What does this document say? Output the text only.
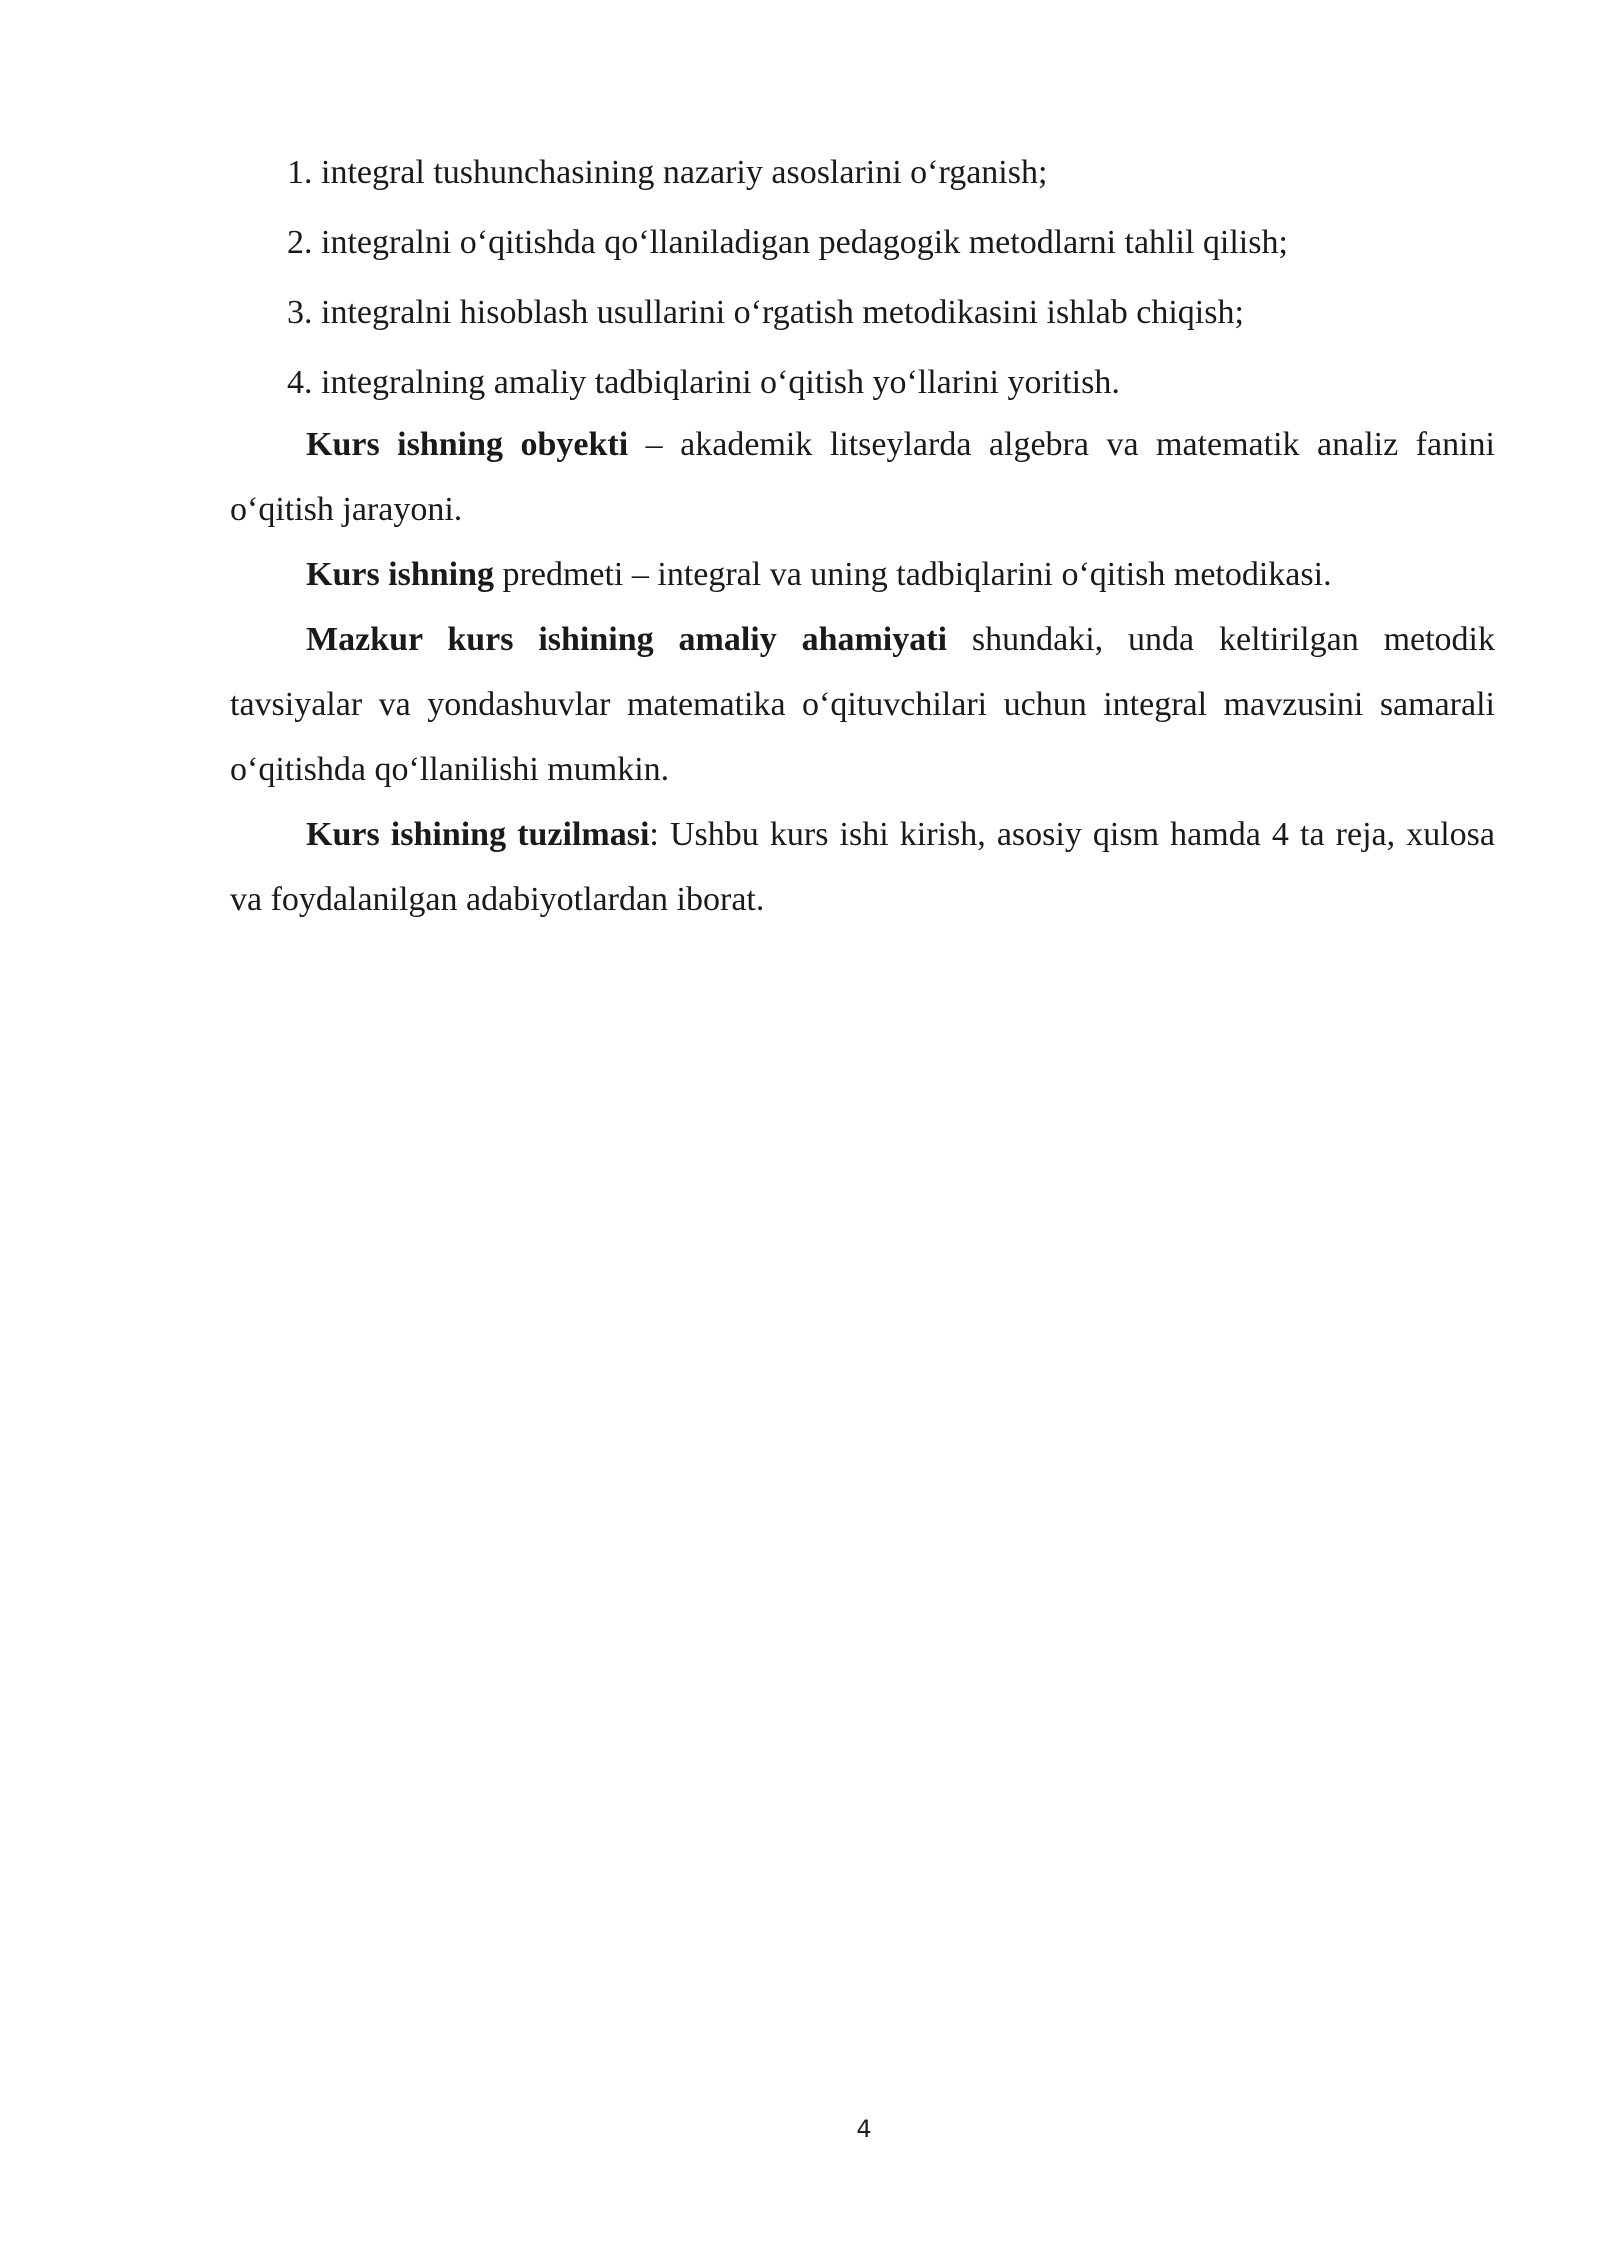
1. integral tushunchasining nazariy asoslarini o‘rganish;
2. integralni o‘qitishda qo‘llaniladigan pedagogik metodlarni tahlil qilish;
3. integralni hisoblash usullarini o‘rgatish metodikasini ishlab chiqish;
4. integralning amaliy tadbiqlarini o‘qitish yo‘llarini yoritish.

Kurs ishning obyekti – akademik litseylarda algebra va matematik analiz fanini o‘qitish jarayoni.

Kurs ishning predmeti – integral va uning tadbiqlarini o‘qitish metodikasi.

Mazkur kurs ishining amaliy ahamiyati shundaki, unda keltirilgan metodik tavsiyalar va yondashuvlar matematika o‘qituvchilari uchun integral mavzusini samarali o‘qitishda qo‘llanilishi mumkin.

Kurs ishining tuzilmasi: Ushbu kurs ishi kirish, asosiy qism hamda 4 ta reja, xulosa va foydalanilgan adabiyotlardan iborat.

4
